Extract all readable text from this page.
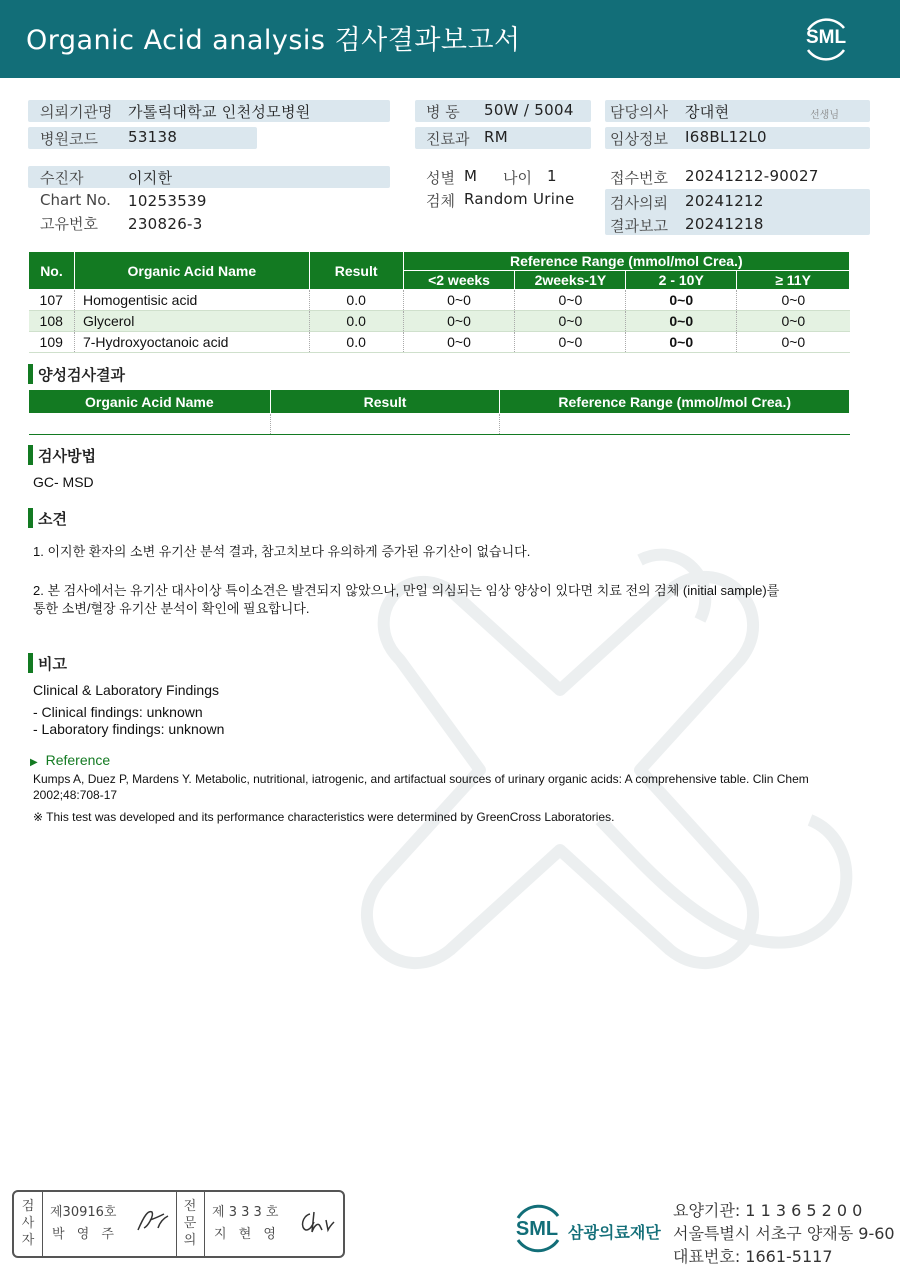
Organic Acid analysis 검사결과보고서	SML
의뢰기관명 가톨릭대학교 인천성모병원	병 동 50W / 5004 담당의사 장대현	선생님
병원코드 53138	진료과 RM	임상정보 I68BL12L0
수진자	이지한
Chart No. 10253539
고유번호 230826-3
성별 M 나이 1
검체 Random Urine
접수번호 20241212-90027
검사의뢰 20241212
결과보고 20241218
No.	Organic Acid Name	Result	Reference Range (mmol/mol Crea.)			
			<2 weeks	2weeks-1Y	2 - 10Y	≥ 11Y
107	Homogentisic acid	0.0	0~0	0~0	0~0	0~0
108	Glycerol	0.0	0~0	0~0	0~0	0~0
109	7-Hydroxyoctanoic acid	0.0	0~0	0~0	0~0	0~0
양성검사결과
Organic Acid Name	Result	Reference Range (mmol/mol Crea.)

검사방법
GC- MSD
소견
1. 이지한 환자의 소변 유기산 분석 결과, 참고치보다 유의하게 증가된 유기산이 없습니다.
2. 본 검사에서는 유기산 대사이상 특이소견은 발견되지 않았으나, 만일 의심되는 임상 양상이 있다면 치료 전의 검체 (initial sample)를
통한 소변/혈장 유기산 분석이 확인에 필요합니다.
비고
Clinical & Laboratory Findings
- Clinical findings: unknown
- Laboratory findings: unknown
▶ Reference
Kumps A, Duez P, Mardens Y. Metabolic, nutritional, iatrogenic, and artifactual sources of urinary organic acids: A comprehensive table. Clin Chem 2002;48:708-17
※ This test was developed and its performance characteristics were determined by GreenCross Laboratories.
검
사
자
제30916호
박 영 주
전
문
의
제 3 3 3 호
지 현 영	SML 삼광의료재단
요양기관: 1 1 3 6 5 2 0 0
서울특별시 서초구 양재동 9-60
대표번호: 1661-5117
